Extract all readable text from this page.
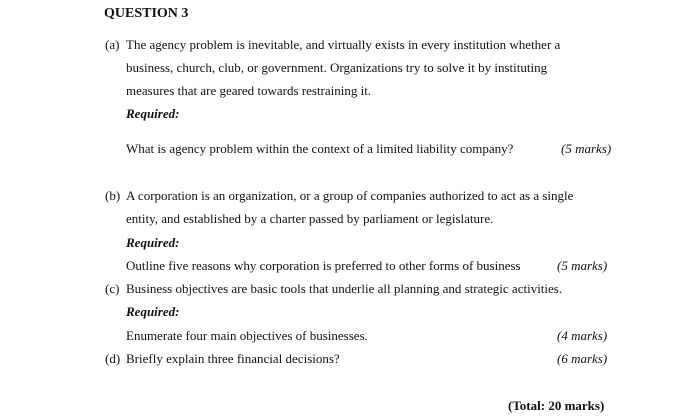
QUESTION 3
(a) The agency problem is inevitable, and virtually exists in every institution whether a
business, church, club, or government. Organizations try to solve it by instituting
measures that are geared towards restraining it.
Required:
What is agency problem within the context of a limited liability company?	(5 marks)
(b) A corporation is an organization, or a group of companies authorized to act as a single
entity, and established by a charter passed by parliament or legislature.
Required:
Outline five reasons why corporation is preferred to other forms of business	(5 marks)
(c) Business objectives are basic tools that underlie all planning and strategic activities.
Required:
Enumerate four main objectives of businesses.	(4 marks)
(d) Briefly explain three financial decisions?	(6 marks)
(Total: 20 marks)
